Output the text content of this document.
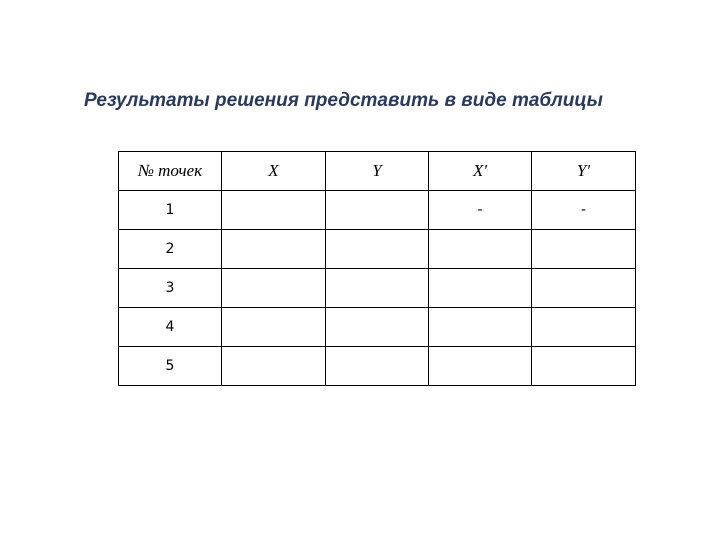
Результаты решения представить в виде таблицы
№ точек	X	Y	X′	Y′
1			-	-
2				
3				
4				
5				
